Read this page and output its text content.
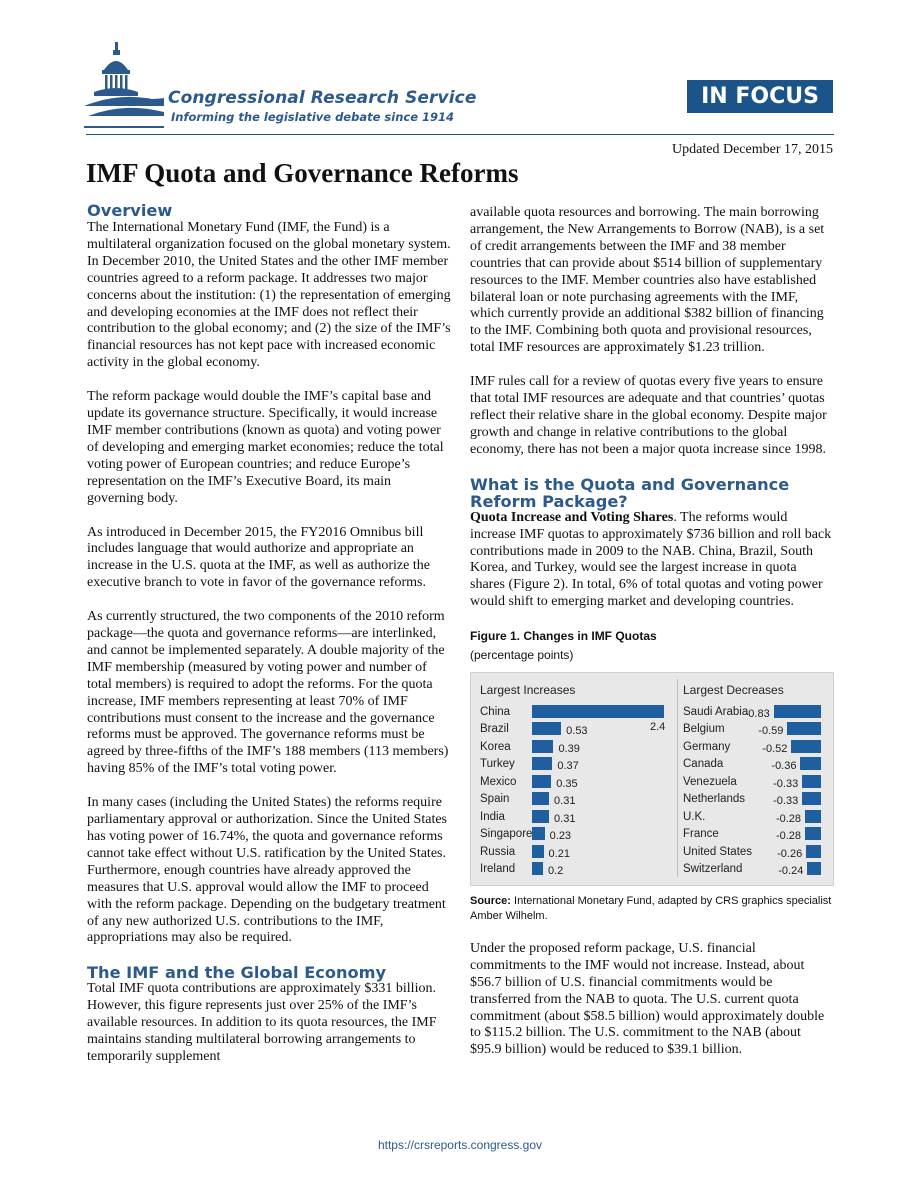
Congressional Research Service
Informing the legislative debate since 1914
IN FOCUS
Updated December 17, 2015
IMF Quota and Governance Reforms
Overview

The International Monetary Fund (IMF, the Fund) is a multilateral organization focused on the global monetary system. In December 2010, the United States and the other IMF member countries agreed to a reform package. It addresses two major concerns about the institution: (1) the representation of emerging and developing economies at the IMF does not reflect their contribution to the global economy; and (2) the size of the IMF’s financial resources has not kept pace with increased economic activity in the global economy.

The reform package would double the IMF’s capital base and update its governance structure. Specifically, it would increase IMF member contributions (known as quota) and voting power of developing and emerging market economies; reduce the total voting power of European countries; and reduce Europe’s representation on the IMF’s Executive Board, its main governing body.

As introduced in December 2015, the FY2016 Omnibus bill includes language that would authorize and appropriate an increase in the U.S. quota at the IMF, as well as authorize the executive branch to vote in favor of the governance reforms.

As currently structured, the two components of the 2010 reform package—the quota and governance reforms—are interlinked, and cannot be implemented separately. A double majority of the IMF membership (measured by voting power and number of total members) is required to adopt the reforms. For the quota increase, IMF members representing at least 70% of IMF contributions must consent to the increase and the governance reforms must be approved. The governance reforms must be agreed by three-fifths of the IMF’s 188 members (113 members) having 85% of the IMF’s total voting power.

In many cases (including the United States) the reforms require parliamentary approval or authorization. Since the United States has voting power of 16.74%, the quota and governance reforms cannot take effect without U.S. ratification by the United States. Furthermore, enough countries have already approved the measures that U.S. approval would allow the IMF to proceed with the reform package. Depending on the budgetary treatment of any new authorized U.S. contributions to the IMF, appropriations may also be required.

The IMF and the Global Economy

Total IMF quota contributions are approximately $331 billion. However, this figure represents just over 25% of the IMF’s available resources. In addition to its quota resources, the IMF maintains standing multilateral borrowing arrangements to temporarily supplement

available quota resources and borrowing. The main borrowing arrangement, the New Arrangements to Borrow (NAB), is a set of credit arrangements between the IMF and 38 member countries that can provide about $514 billion of supplementary resources to the IMF. Member countries also have established bilateral loan or note purchasing agreements with the IMF, which currently provide an additional $382 billion of financing to the IMF. Combining both quota and provisional resources, total IMF resources are approximately $1.23 trillion.

IMF rules call for a review of quotas every five years to ensure that total IMF resources are adequate and that countries’ quotas reflect their relative share in the global economy. Despite major growth and change in relative contributions to the global economy, there has not been a major quota increase since 1998.

What is the Quota and Governance Reform Package?

Quota Increase and Voting Shares. The reforms would increase IMF quotas to approximately $736 billion and roll back contributions made in 2009 to the NAB. China, Brazil, South Korea, and Turkey, would see the largest increase in quota shares (Figure 2). In total, 6% of total quotas and voting power would shift to emerging market and developing countries.

Figure 1. Changes in IMF Quotas
(percentage points)
Largest Increases	Largest Decreases
China
2.4
Brazil	0.53
Korea	0.39
Turkey	0.37
Mexico	0.35
Spain	0.31
India	0.31
Singapore 0.23
Russia	0.21
Ireland	0.2
Saudi Arabia
-0.83
Belgium	-0.59
Germany	-0.52
Canada	-0.36
Venezuela	-0.33
Netherlands	-0.33
U.K.	-0.28
France	-0.28
United States -0.26
Switzerland	-0.24

Source: International Monetary Fund, adapted by CRS graphics specialist Amber Wilhelm.

Under the proposed reform package, U.S. financial commitments to the IMF would not increase. Instead, about $56.7 billion of U.S. financial commitments would be transferred from the NAB to quota. The U.S. current quota commitment (about $58.5 billion) would approximately double to $115.2 billion. The U.S. commitment to the NAB (about $95.9 billion) would be reduced to $39.1 billion.

https://crsreports.congress.gov
